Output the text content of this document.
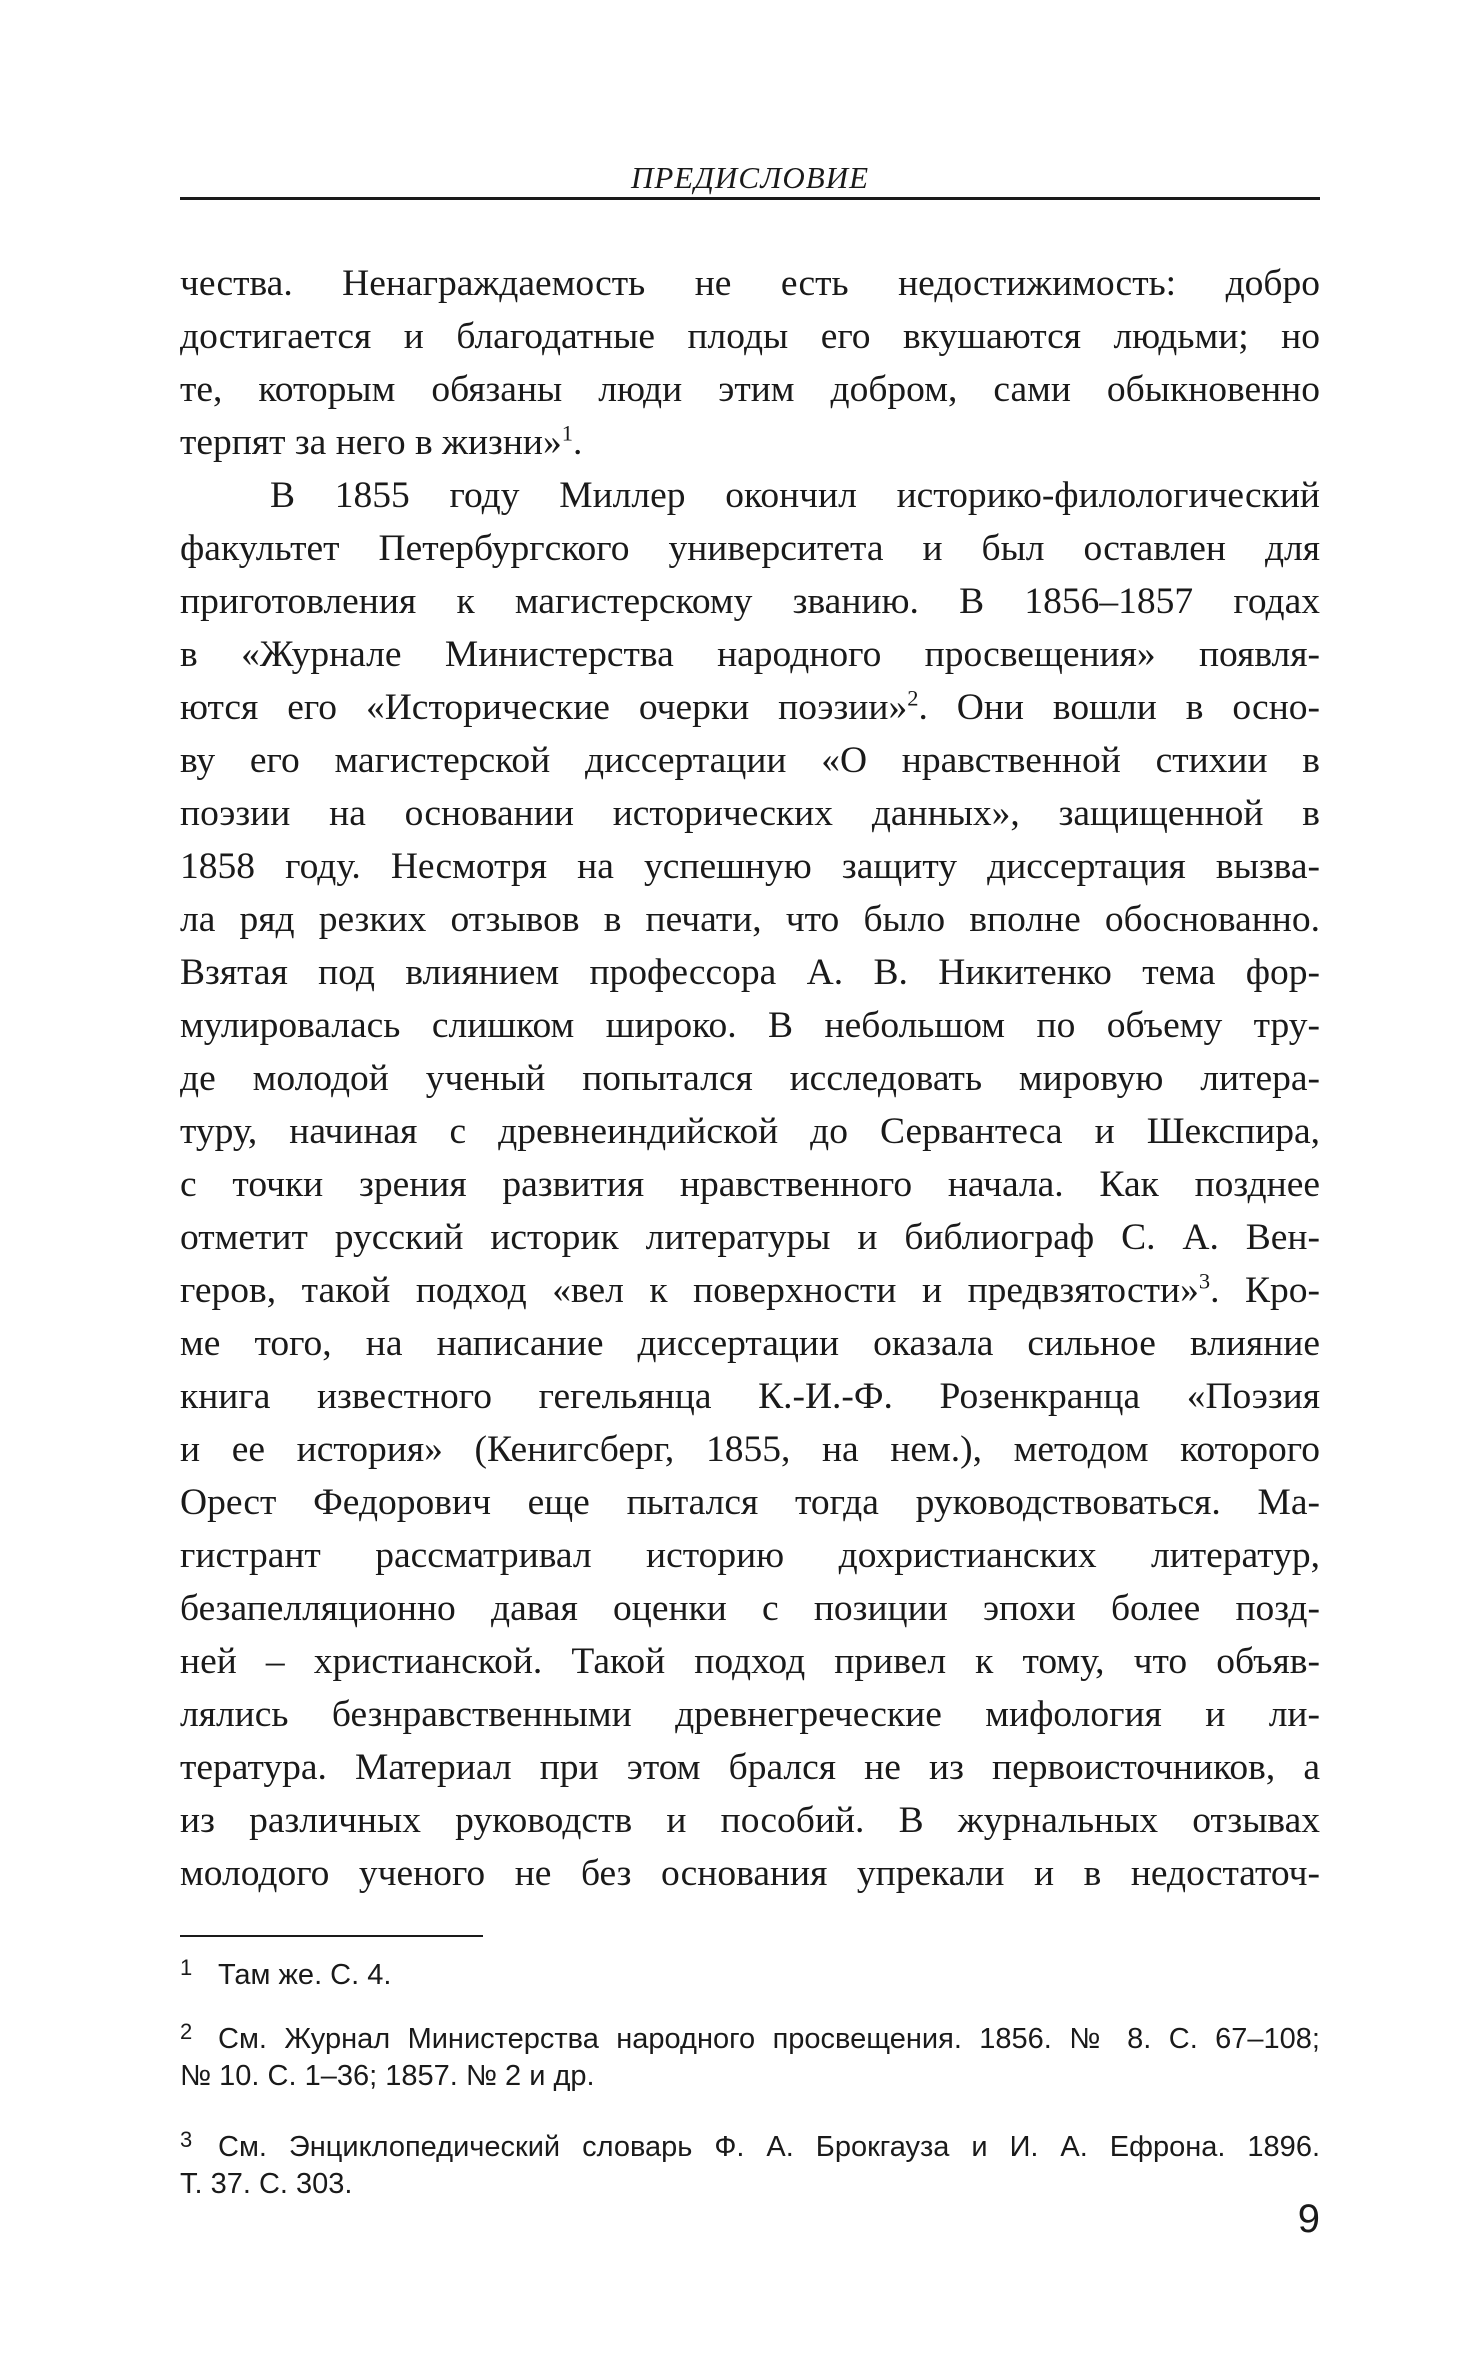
ПРЕДИСЛОВИЕ
чества. Ненаграждаемость не есть недостижимость: добро
достигается и благодатные плоды его вкушаются людьми; но
те, которым обязаны люди этим добром, сами обыкновенно
терпят за него в жизни»$^1$.
В 1855 году Миллер окончил историко-филологический
факультет Петербургского университета и был оставлен для
приготовления к магистерскому званию. В 1856–1857 годах
в «Журнале Министерства народного просвещения» появля-
ются его «Исторические очерки поэзии»$^2$. Они вошли в осно-
ву его магистерской диссертации «О нравственной стихии в
поэзии на основании исторических данных», защищенной в
1858 году. Несмотря на успешную защиту диссертация вызва-
ла ряд резких отзывов в печати, что было вполне обоснованно.
Взятая под влиянием профессора А. В. Никитенко тема фор-
мулировалась слишком широко. В небольшом по объему тру-
де молодой ученый попытался исследовать мировую литера-
туру, начиная с древнеиндийской до Сервантеса и Шекспира,
с точки зрения развития нравственного начала. Как позднее
отметит русский историк литературы и библиограф С. А. Вен-
геров, такой подход «вел к поверхности и предвзятости»$^3$. Кро-
ме того, на написание диссертации оказала сильное влияние
книга известного гегельянца К.-И.-Ф. Розенкранца «Поэзия
и ее история» (Кенигсберг, 1855, на нем.), методом которого
Орест Федорович еще пытался тогда руководствоваться. Ма-
гистрант рассматривал историю дохристианских литератур,
безапелляционно давая оценки с позиции эпохи более позд-
ней – христианской. Такой подход привел к тому, что объяв-
лялись безнравственными древнегреческие мифология и ли-
тература. Материал при этом брался не из первоисточников, а
из различных руководств и пособий. В журнальных отзывах
молодого ученого не без основания упрекали и в недостаточ-
1 Там же. С. 4.
2 См. Журнал Министерства народного просвещения. 1856. № 8. С. 67–108;
№ 10. С. 1–36; 1857. № 2 и др.
3 См. Энциклопедический словарь Ф. А. Брокгауза и И. А. Ефрона. 1896.
Т. 37. С. 303.
9
